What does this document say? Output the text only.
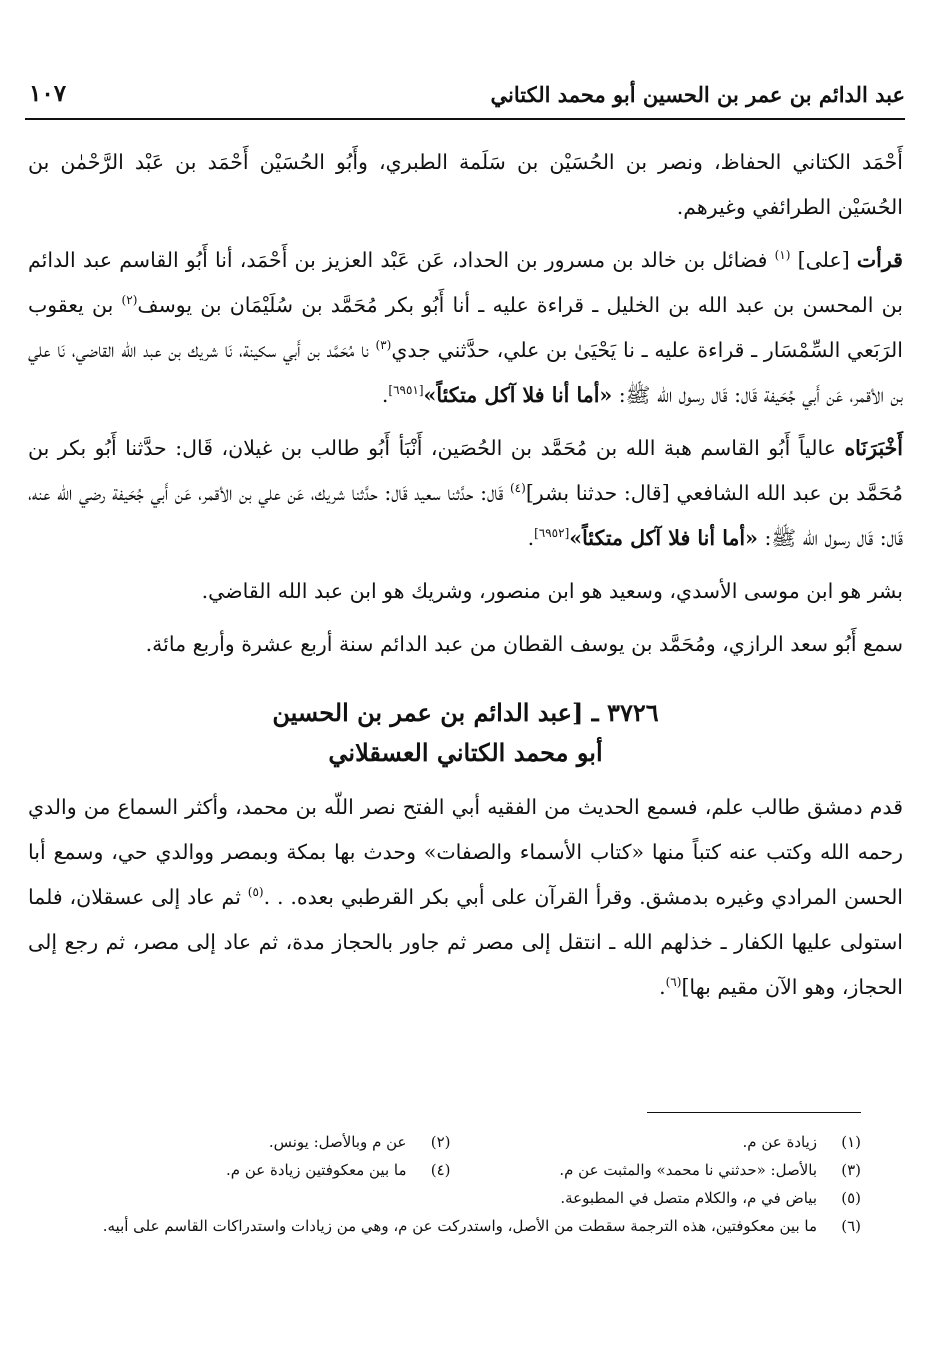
عبد الدائم بن عمر بن الحسين أبو محمد الكتاني
١٠٧

أَحْمَد الكتاني الحفاظ، ونصر بن الحُسَيْن بن سَلَمة الطبري، وأَبُو الحُسَيْن أَحْمَد بن عَبْد الرَّحْمٰن بن الحُسَيْن الطرائفي وغيرهم.

قرأت [على] $^{(١)}$ فضائل بن خالد بن مسرور بن الحداد، عَن عَبْد العزيز بن أَحْمَد، أنا أَبُو القاسم عبد الدائم بن المحسن بن عبد الله بن الخليل ـ قراءة عليه ـ أنا أَبُو بكر مُحَمَّد بن سُلَيْمَان بن يوسف$^{(٢)}$ بن يعقوب الرَبَعي السِّمْسَار ـ قراءة عليه ـ نا يَحْيَىٰ بن علي، حدَّثني جدي$^{(٣)}$ نا مُحَمَّد بن أَبي سكينة، نَا شريك بن عبد الله القاضي، نَا علي بن الأقمر، عَن أَبي جُحَيفة قَال: قَال رسول الله ﷺ: «أما أنا فلا آكل متكئاً»[٦٩٥١].

أَخْبَرَنَاه عالياً أَبُو القاسم هبة الله بن مُحَمَّد بن الحُصَين، أَنْبَأ أَبُو طالب بن غيلان، قَال: حدَّثنا أَبُو بكر بن مُحَمَّد بن عبد الله الشافعي [قال: حدثنا بشر]$^{(٤)}$ قَال: حدَّثنا سعيد قَال: حدَّثنا شريك، عَن علي بن الأقمر، عَن أَبي جُحَيفة رضي الله عنه، قَال: قَال رسول الله ﷺ: «أما أنا فلا آكل متكئاً»[٦٩٥٢].

بشر هو ابن موسى الأسدي، وسعيد هو ابن منصور، وشريك هو ابن عبد الله القاضي.

سمع أَبُو سعد الرازي، ومُحَمَّد بن يوسف القطان من عبد الدائم سنة أربع عشرة وأربع مائة.

٣٧٢٦ ـ [عبد الدائم بن عمر بن الحسين
أبو محمد الكتاني العسقلاني

قدم دمشق طالب علم، فسمع الحديث من الفقيه أبي الفتح نصر اللّه بن محمد، وأكثر السماع من والدي رحمه الله وكتب عنه كتباً منها «كتاب الأسماء والصفات» وحدث بها بمكة وبمصر ووالدي حي، وسمع أبا الحسن المرادي وغيره بدمشق. وقرأ القرآن على أبي بكر القرطبي بعده. . .$^{(٥)}$ ثم عاد إلى عسقلان، فلما استولى عليها الكفار ـ خذلهم الله ـ انتقل إلى مصر ثم جاور بالحجاز مدة، ثم عاد إلى مصر، ثم رجع إلى الحجاز، وهو الآن مقيم بها]$^{(٦)}$.

(١)
زيادة عن م.
(٢)
عن م وبالأصل: يونس.
(٣)
بالأصل: «حدثني نا محمد» والمثبت عن م.
(٤)
ما بين معكوفتين زيادة عن م.
(٥)
بياض في م، والكلام متصل في المطبوعة.
(٦)
ما بين معكوفتين، هذه الترجمة سقطت من الأصل، واستدركت عن م، وهي من زيادات واستدراكات القاسم على أبيه.
